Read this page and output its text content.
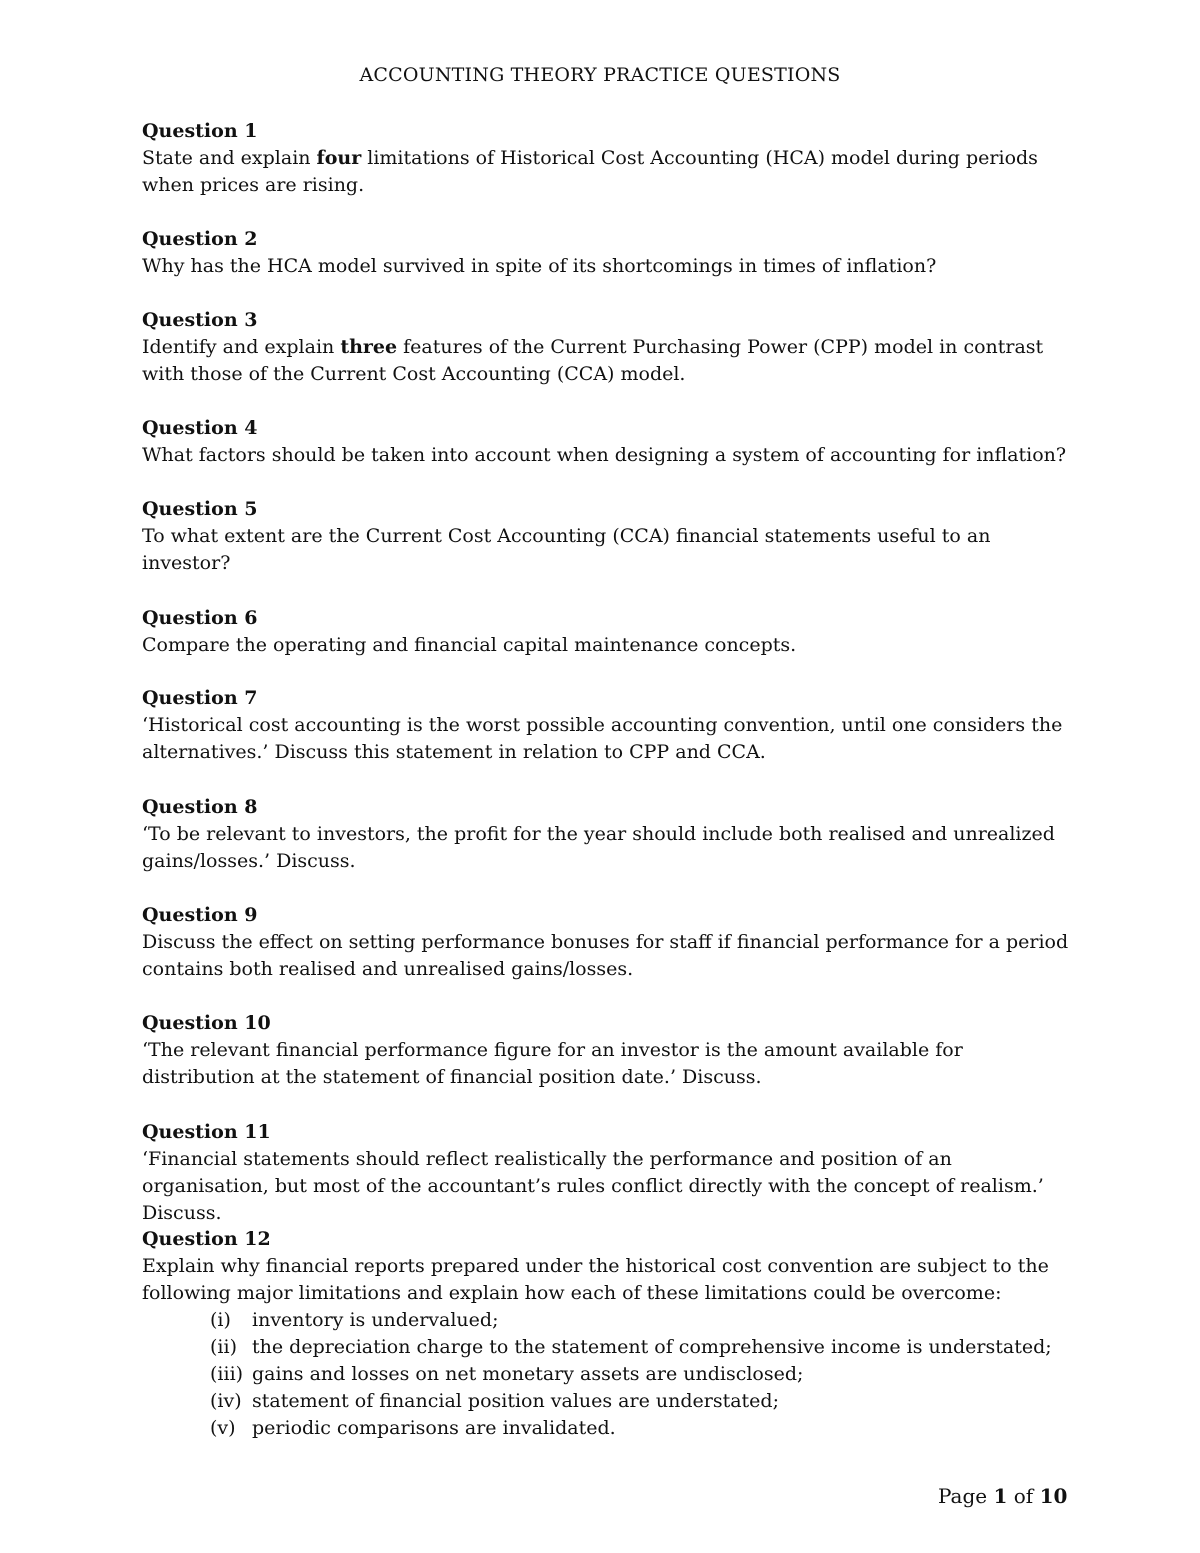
ACCOUNTING THEORY PRACTICE QUESTIONS
Question 1
State and explain four limitations of Historical Cost Accounting (HCA) model during periods when prices are rising.
Question 2
Why has the HCA model survived in spite of its shortcomings in times of inflation?
Question 3
Identify and explain three features of the Current Purchasing Power (CPP) model in contrast with those of the Current Cost Accounting (CCA) model.
Question 4
What factors should be taken into account when designing a system of accounting for inflation?
Question 5
To what extent are the Current Cost Accounting (CCA) financial statements useful to an investor?
Question 6
Compare the operating and financial capital maintenance concepts.
Question 7
‘Historical cost accounting is the worst possible accounting convention, until one considers the alternatives.’ Discuss this statement in relation to CPP and CCA.
Question 8
‘To be relevant to investors, the profit for the year should include both realised and unrealized gains/losses.’ Discuss.
Question 9
Discuss the effect on setting performance bonuses for staff if financial performance for a period contains both realised and unrealised gains/losses.
Question 10
‘The relevant financial performance figure for an investor is the amount available for distribution at the statement of financial position date.’ Discuss.
Question 11
‘Financial statements should reflect realistically the performance and position of an organisation, but most of the accountant’s rules conflict directly with the concept of realism.’ Discuss.
Question 12
Explain why financial reports prepared under the historical cost convention are subject to the following major limitations and explain how each of these limitations could be overcome:
(i)	inventory is undervalued;
(ii) the depreciation charge to the statement of comprehensive income is understated;
(iii) gains and losses on net monetary assets are undisclosed;
(iv) statement of financial position values are understated;
(v) periodic comparisons are invalidated.
Page 1 of 10
